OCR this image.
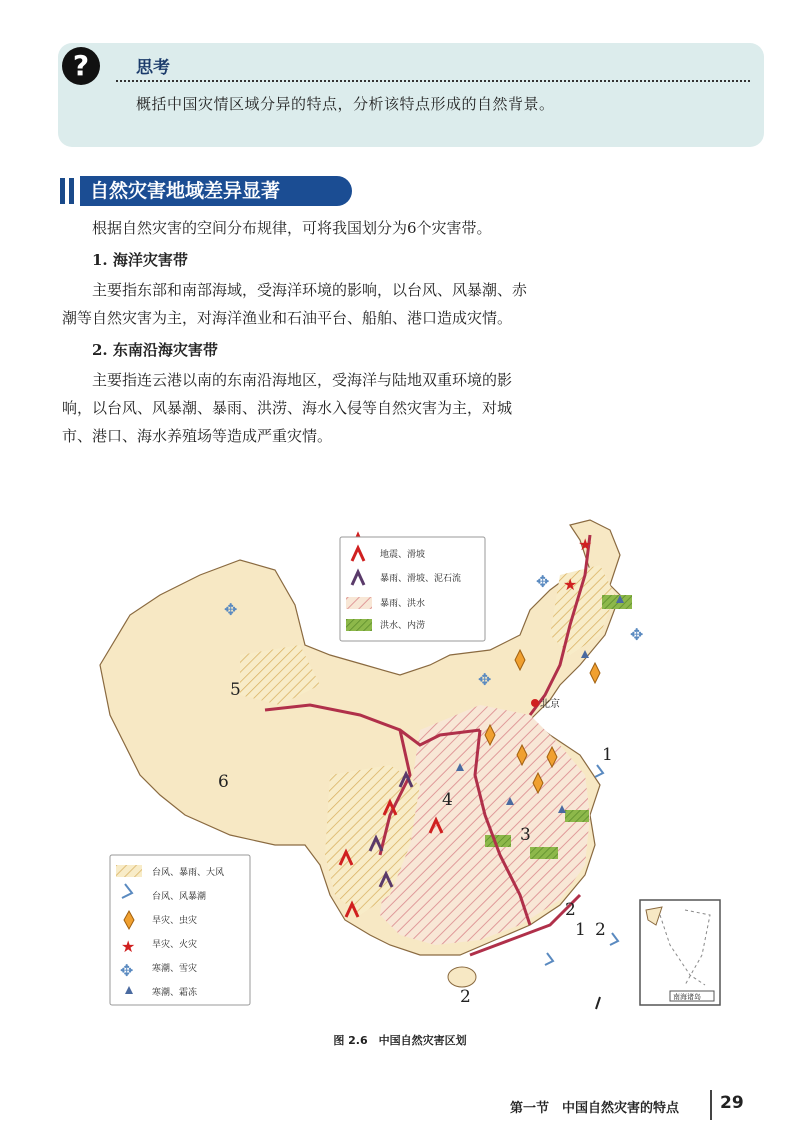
?	思考
概括中国灾情区域分异的特点，分析该特点形成的自然背景。
自然灾害地域差异显著

根据自然灾害的空间分布规律，可将我国划分为6个灾害带。

1. 海洋灾害带

主要指东部和南部海域，受海洋环境的影响，以台风、风暴潮、赤潮等自然灾害为主，对海洋渔业和石油平台、船舶、港口造成灾情。

2. 东南沿海灾害带

主要指连云港以南的东南沿海地区，受海洋与陆地双重环境的影响，以台风、风暴潮、暴雨、洪涝、海水入侵等自然灾害为主，对城市、港口、海水养殖场等造成严重灾情。

5
6
4
3
1
2
1 2
2
北京
★
★
✥
✥
✥
✥
地震、滑坡
暴雨、滑坡、泥石流
暴雨、洪水
洪水、内涝
台风、暴雨、大风
台风、风暴潮
旱灾、虫灾
★ 旱灾、火灾
✥ 寒潮、雪灾
寒潮、霜冻	南海诸岛
图 2.6　中国自然灾害区划
第一节　中国自然灾害的特点 29
